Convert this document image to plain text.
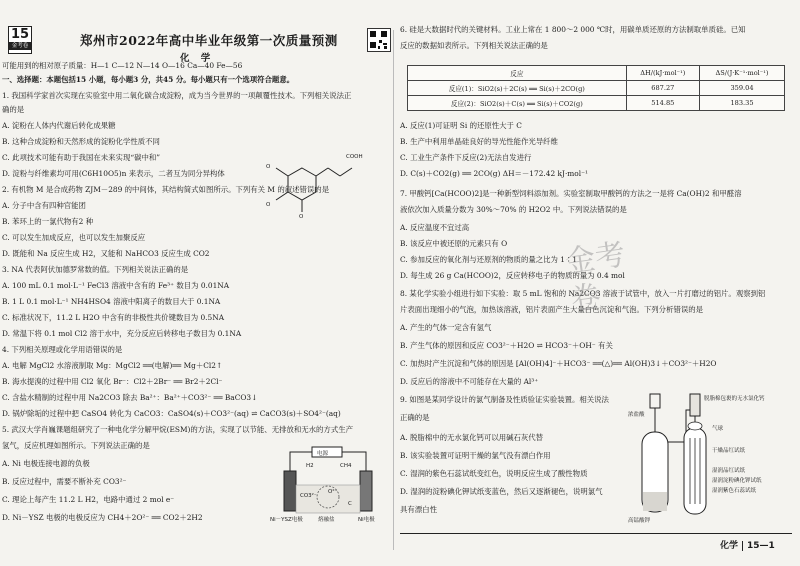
15
金考卷	郑州市2022年高中毕业年级第一次质量预测
化 学
可能用到的相对原子质量：H—1 C—12 N—14 O—16 Ca—40 Fe—56
一、选择题：本题包括15 小题，每小题3 分，共45 分。每小题只有一个选项符合题意。
1. 我国科学家首次实现在实验室中用二氧化碳合成淀粉，成为当今世界的一项颠覆性技术。下列相关说法正
确的是
A. 淀粉在人体内代谢后转化成果糖
B. 这种合成淀粉和天然形成的淀粉化学性质不同
C. 此项技术可能有助于我国在未来实现“碳中和”
D. 淀粉与纤维素均可用(C6H10O5)n 来表示，二者互为同分异构体
2. 有机物 M 是合成药物 ZJM－289 的中间体，其结构简式如图所示。下列有关 M 的叙述错误的是
A. 分子中含有四种官能团
B. 苯环上的一氯代物有2 种
C. 可以发生加成反应，也可以发生加聚反应
D. 既能和 Na 反应生成 H2，又能和 NaHCO3 反应生成 CO2
3. NA 代表阿伏加德罗常数的值。下列相关说法正确的是
A. 100 mL 0.1 mol·L⁻¹ FeCl3 溶液中含有的 Fe³⁺ 数目为 0.01NA
B. 1 L 0.1 mol·L⁻¹ NH4HSO4 溶液中阳离子的数目大于 0.1NA
C. 标准状况下，11.2 L H2O 中含有的非极性共价键数目为 0.5NA
D. 常温下将 0.1 mol Cl2 溶于水中，充分反应后转移电子数目为 0.1NA
4. 下列相关原理或化学用语错误的是
A. 电解 MgCl2 水溶液制取 Mg：MgCl2 ══(电解)══ Mg＋Cl2↑
B. 海水提溴的过程中用 Cl2 氧化 Br⁻：Cl2＋2Br⁻ ══ Br2＋2Cl⁻
C. 含盐水精制的过程中用 Na2CO3 除去 Ba²⁺：Ba²⁺＋CO3²⁻ ══ BaCO3↓
D. 锅炉除垢的过程中把 CaSO4 转化为 CaCO3：CaSO4(s)＋CO3²⁻(aq) ⇌ CaCO3(s)＋SO4²⁻(aq)
5. 武汉大学肖巍课题组研究了一种电化学分解甲烷(ESM)的方法，实现了以节能、无排放和无水的方式生产
氢气，反应机理如图所示。下列说法正确的是
A. Ni 电极连接电源的负极
B. 反应过程中，需要不断补充 CO3²⁻
C. 理论上每产生 11.2 L H2，电路中通过 2 mol e⁻
D. Ni－YSZ 电极的电极反应为 CH4＋2O²⁻ ══ CO2＋2H2
COOH
O
O
O
电源
H2	CH4
CO3²⁻
O²⁻
C
Ni－YSZ电极	熔融盐	Ni电极
6. 硅是大数据时代的关键材料。工业上常在 1 800～2 000 ℃时，用碳单质还原的方法制取单质硅。已知
反应的数据如表所示。下列相关说法正确的是
反应	ΔH/(kJ·mol⁻¹)	ΔS/(J·K⁻¹·mol⁻¹)
反应(1)：SiO2(s)＋2C(s) ══ Si(s)＋2CO(g)	687.27	359.04
反应(2)：SiO2(s)＋C(s) ══ Si(s)＋CO2(g)	514.85	183.35
A. 反应(1)可证明 Si 的还原性大于 C
B. 生产中利用单晶硅良好的导光性能作光导纤维
C. 工业生产条件下反应(2)无法自发进行
D. C(s)＋CO2(g) ══ 2CO(g) ΔH＝－172.42 kJ·mol⁻¹
7. 甲酸钙[Ca(HCOO)2]是一种新型饲料添加剂。实验室制取甲酸钙的方法之一是将 Ca(OH)2 和甲醛溶
液依次加入质量分数为 30%～70% 的 H2O2 中。下列说法错误的是
A. 反应温度不宜过高
B. 该反应中被还原的元素只有 O
C. 参加反应的氧化剂与还原剂的物质的量之比为 1∶1
D. 每生成 26 g Ca(HCOO)2，反应转移电子的物质的量为 0.4 mol
8. 某化学实验小组进行如下实验：取 5 mL 饱和的 Na2CO3 溶液于试管中，放入一片打磨过的铝片。观察到铝
片表面出现细小的气泡，加热该溶液，铝片表面产生大量白色沉淀和气泡。下列分析错误的是
A. 产生的气体一定含有氢气
B. 产生气体的原因和反应 CO3²⁻＋H2O ⇌ HCO3⁻＋OH⁻ 有关
C. 加热时产生沉淀和气体的原因是 [Al(OH)4]⁻＋HCO3⁻ ══(△)══ Al(OH)3↓＋CO3²⁻＋H2O
D. 反应后的溶液中不可能存在大量的 Al³⁺
9. 如图是某同学设计的氯气制备及性质验证实验装置。相关说法
正确的是
A. 脱脂棉中的无水氯化钙可以用碱石灰代替
B. 该实验装置可证明干燥的氯气没有漂白作用
C. 湿润的紫色石蕊试纸变红色，说明反应生成了酸性物质
D. 湿润的淀粉碘化钾试纸变蓝色，然后又逐渐褪色，说明氯气
具有漂白性
浓盐酸
高锰酸钾
脱脂棉包裹的无水氯化钙
气球
干燥品红试纸
湿润品红试纸
湿润淀粉碘化钾试纸
湿润紫色石蕊试纸
金考卷
化学 15—1
